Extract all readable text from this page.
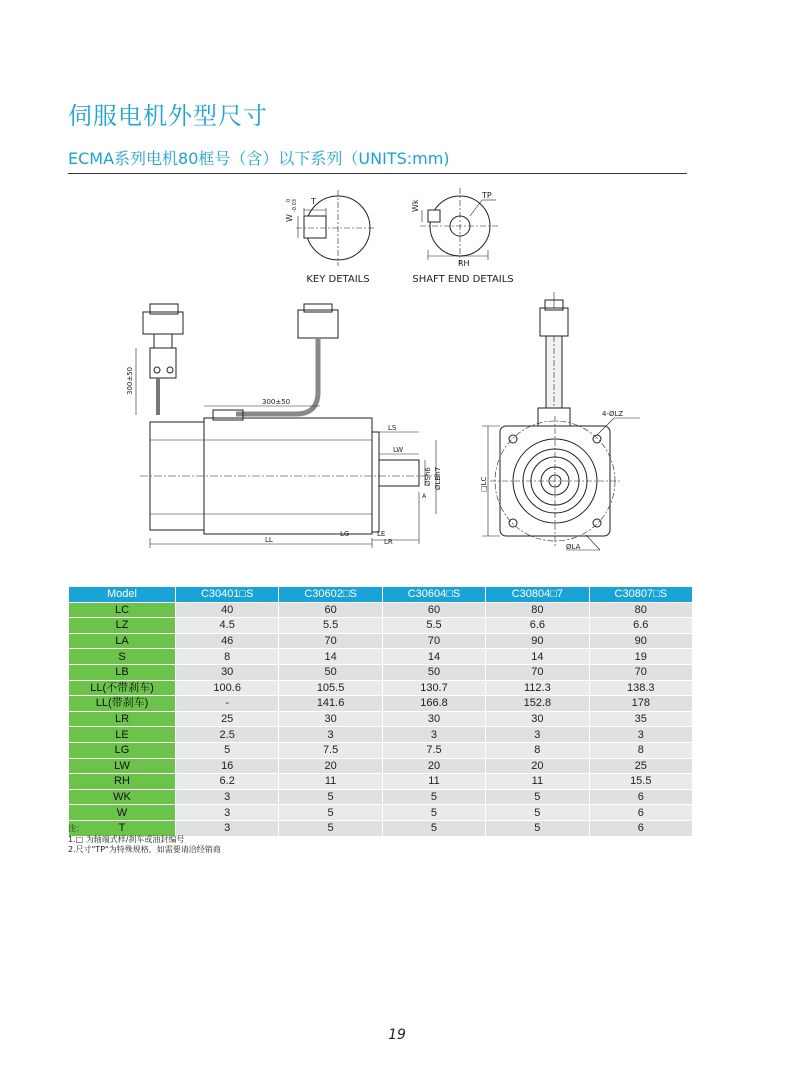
伺服电机外型尺寸
ECMA系列电机80框号（含）以下系列（UNITS:mm)
W
0 -0.03 T
KEY DETAILS
Wk
TP
RH
SHAFT END DETAILS
300±50
300±50
LS
LW
ØSh6 ØLBh7
A
LL
LG	LE
LR
□LC
4-ØLZ
ØLA
Model	C30401□S	C30602□S	C30604□S	C30804□7	C30807□S
LC	40	60	60	80	80
LZ	4.5	5.5	5.5	6.6	6.6
LA	46	70	70	90	90
S	8	14	14	14	19
LB	30	50	50	70	70
LL(不带刹车)	100.6	105.5	130.7	112.3	138.3
LL(带刹车)	-	141.6	166.8	152.8	178
LR	25	30	30	30	35
LE	2.5	3	3	3	3
LG	5	7.5	7.5	8	8
LW	16	20	20	20	25
RH	6.2	11	11	11	15.5
WK	3	5	5	5	6
W	3	5	5	5	6
T	3	5	5	5	6
注：
1.□ 为轴端式样/刹车或油封编号
2.尺寸"TP"为特殊规格，如需要请洽经销商
19
